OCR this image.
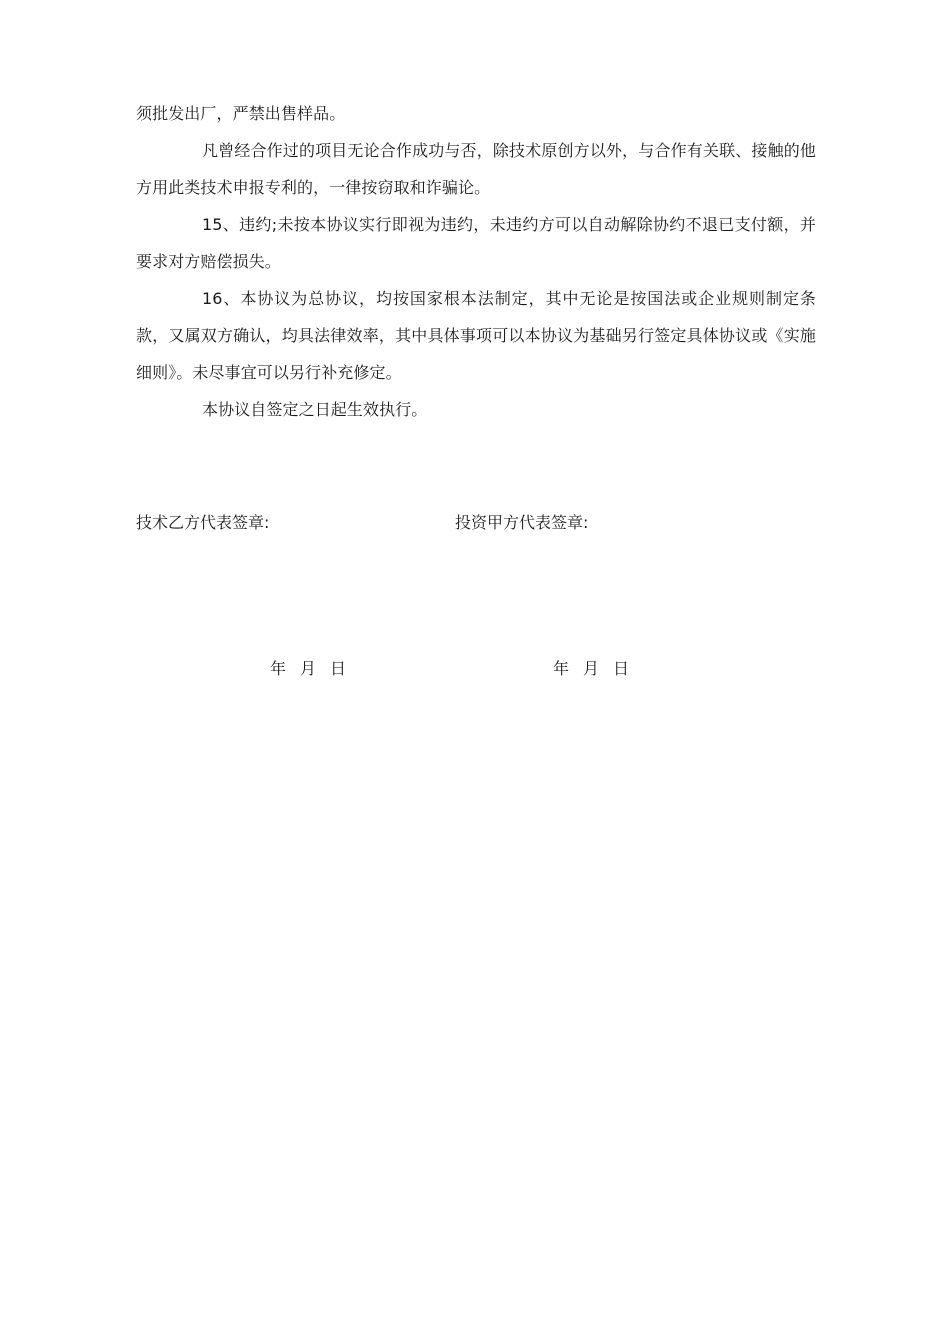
须批发出厂，严禁出售样品。

凡曾经合作过的项目无论合作成功与否，除技术原创方以外，与合作有关联、接触的他方用此类技术申报专利的，一律按窃取和诈骗论。

15、违约;未按本协议实行即视为违约，未违约方可以自动解除协约不退已支付额，并要求对方赔偿损失。

16、本协议为总协议，均按国家根本法制定，其中无论是按国法或企业规则制定条款，又属双方确认，均具法律效率，其中具体事项可以本协议为基础另行签定具体协议或《实施细则》。未尽事宜可以另行补充修定。

本协议自签定之日起生效执行。

技术乙方代表签章:	投资甲方代表签章:
年 月 日	年 月 日
